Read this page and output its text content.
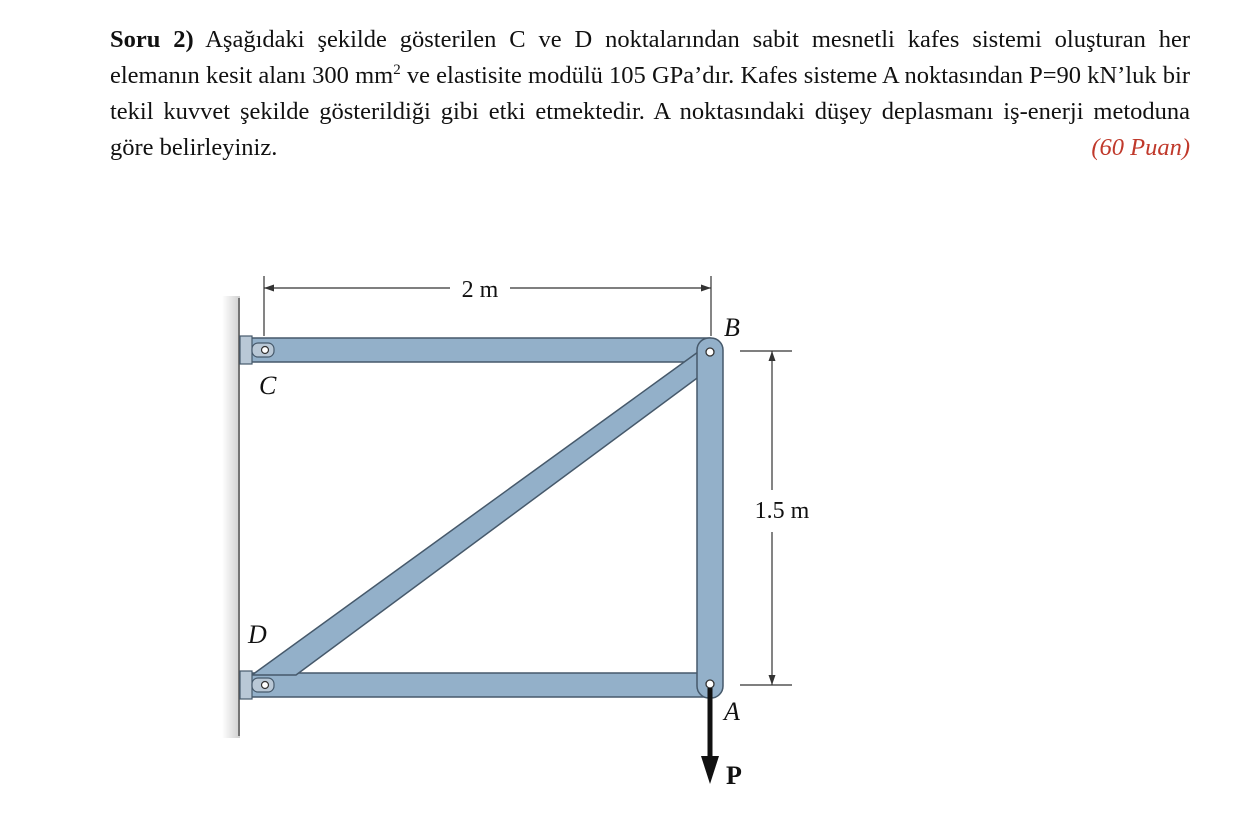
Soru 2) Aşağıdaki şekilde gösterilen C ve D noktalarından sabit mesnetli kafes sistemi oluşturan her elemanın kesit alanı 300 $mm^2$ ve elastisite modülü 105 GPa’dır. Kafes sisteme A noktasından P=90 kN’luk bir tekil kuvvet şekilde gösterildiği gibi etki etmektedir. A noktasındaki düşey deplasmanı iş-enerji metoduna göre belirleyiniz.	(60 Puan)
2 m
1.5 m
B
C
D
A
P
